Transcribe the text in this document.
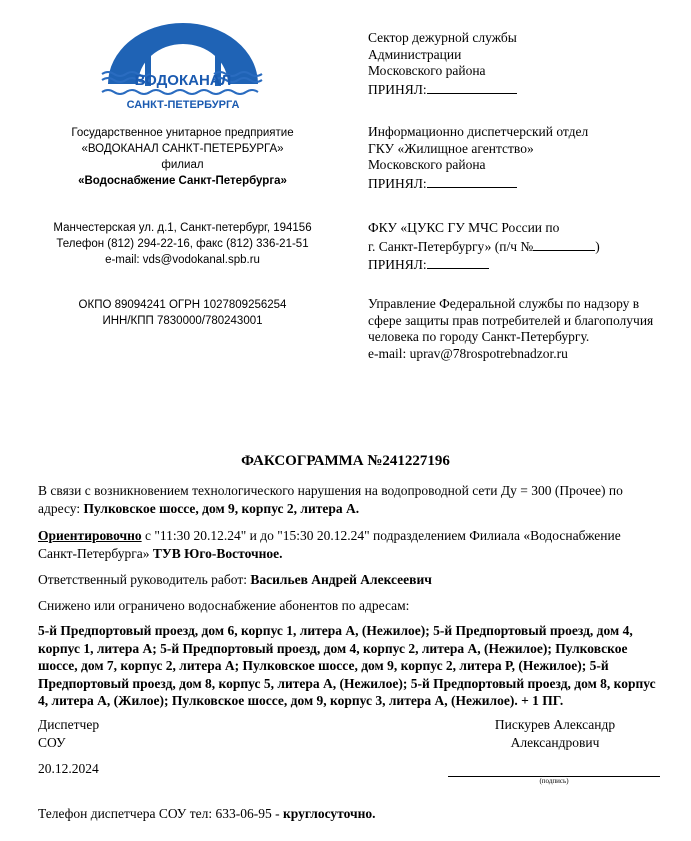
ВОДОКАНАЛ
САНКТ-ПЕТЕРБУРГА
Государственное унитарное предприятие
«ВОДОКАНАЛ САНКТ-ПЕТЕРБУРГА»
филиал
«Водоснабжение Санкт-Петербурга»
Манчестерская ул. д.1, Санкт-петербург, 194156
Телефон (812) 294-22-16, факс (812) 336-21-51
e-mail: vds@vodokanal.spb.ru
ОКПО 89094241 ОГРН 1027809256254
ИНН/КПП 7830000/780243001
Сектор дежурной службы
Администрации
Московского района
ПРИНЯЛ:
Информационно диспетчерский отдел
ГКУ «Жилищное агентство»
Московского района
ПРИНЯЛ:
ФКУ «ЦУКС ГУ МЧС России по
г. Санкт-Петербургу» (п/ч №	)
ПРИНЯЛ:
Управление Федеральной службы по надзору в сфере защиты прав потребителей и благополучия человека по городу Санкт-Петербургу.
e-mail: uprav@78rospotrebnadzor.ru
ФАКСОГРАММА №241227196
В связи с возникновением технологического нарушения на водопроводной сети Ду = 300 (Прочее) по адресу: Пулковское шоссе, дом 9, корпус 2, литера А.
Ориентировочно с "11:30 20.12.24" и до "15:30 20.12.24" подразделением Филиала «Водоснабжение Санкт-Петербурга» ТУВ Юго-Восточное.
Ответственный руководитель работ: Васильев Андрей Алексеевич
Снижено или ограничено водоснабжение абонентов по адресам:
5-й Предпортовый проезд, дом 6, корпус 1, литера А, (Нежилое); 5-й Предпортовый проезд, дом 4, корпус 1, литера А; 5-й Предпортовый проезд, дом 4, корпус 2, литера А, (Нежилое); Пулковское шоссе, дом 7, корпус 2, литера А; Пулковское шоссе, дом 9, корпус 2, литера Р, (Нежилое); 5-й Предпортовый проезд, дом 8, корпус 5, литера А, (Нежилое); 5-й Предпортовый проезд, дом 8, корпус 4, литера А, (Жилое); Пулковское шоссе, дом 9, корпус 3, литера А, (Нежилое). + 1 ПГ.
Диспетчер
СОУ
Пискурев Александр
Александрович
20.12.2024
(подпись)
Телефон диспетчера СОУ тел: 633-06-95 - круглосуточно.
